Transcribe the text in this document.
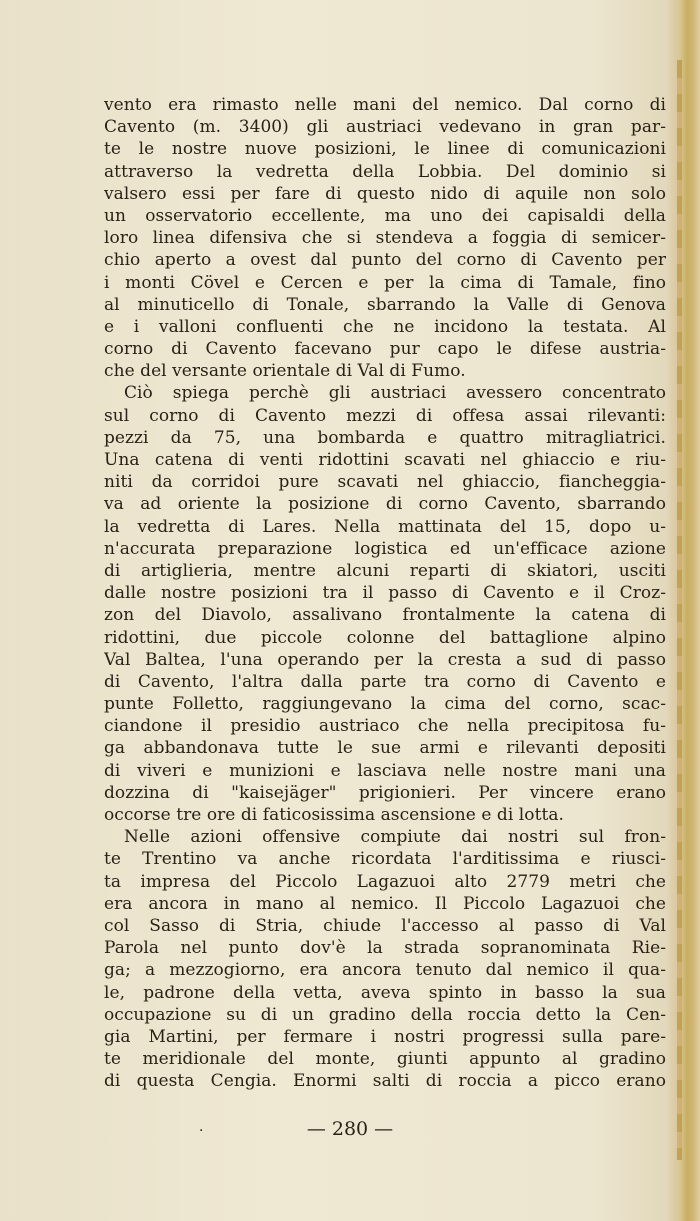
vento era rimasto nelle mani del nemico. Dal corno di
Cavento (m. 3400) gli austriaci vedevano in gran par-
te le nostre nuove posizioni, le linee di comunicazioni
attraverso la vedretta della Lobbia. Del dominio si
valsero essi per fare di questo nido di aquile non solo
un osservatorio eccellente, ma uno dei capisaldi della
loro linea difensiva che si stendeva a foggia di semicer-
chio aperto a ovest dal punto del corno di Cavento per
i monti Cövel e Cercen e per la cima di Tamale, fino
al minuticello di Tonale, sbarrando la Valle di Genova
e i valloni confluenti che ne incidono la testata. Al
corno di Cavento facevano pur capo le difese austria-
che del versante orientale di Val di Fumo.
Ciò spiega perchè gli austriaci avessero concentrato
sul corno di Cavento mezzi di offesa assai rilevanti:
pezzi da 75, una bombarda e quattro mitragliatrici.
Una catena di venti ridottini scavati nel ghiaccio e riu-
niti da corridoi pure scavati nel ghiaccio, fiancheggia-
va ad oriente la posizione di corno Cavento, sbarrando
la vedretta di Lares. Nella mattinata del 15, dopo u-
n'accurata preparazione logistica ed un'efficace azione
di artiglieria, mentre alcuni reparti di skiatori, usciti
dalle nostre posizioni tra il passo di Cavento e il Croz-
zon del Diavolo, assalivano frontalmente la catena di
ridottini, due piccole colonne del battaglione alpino
Val Baltea, l'una operando per la cresta a sud di passo
di Cavento, l'altra dalla parte tra corno di Cavento e
punte Folletto, raggiungevano la cima del corno, scac-
ciandone il presidio austriaco che nella precipitosa fu-
ga abbandonava tutte le sue armi e rilevanti depositi
di viveri e munizioni e lasciava nelle nostre mani una
dozzina di "kaisejäger" prigionieri. Per vincere erano
occorse tre ore di faticosissima ascensione e di lotta.
Nelle azioni offensive compiute dai nostri sul fron-
te Trentino va anche ricordata l'arditissima e riusci-
ta impresa del Piccolo Lagazuoi alto 2779 metri che
era ancora in mano al nemico. Il Piccolo Lagazuoi che
col Sasso di Stria, chiude l'accesso al passo di Val
Parola nel punto dov'è la strada sopranominata Rie-
ga; a mezzogiorno, era ancora tenuto dal nemico il qua-
le, padrone della vetta, aveva spinto in basso la sua
occupazione su di un gradino della roccia detto la Cen-
gia Martini, per fermare i nostri progressi sulla pare-
te meridionale del monte, giunti appunto al gradino
di questa Cengia. Enormi salti di roccia a picco erano
·	— 280 —
